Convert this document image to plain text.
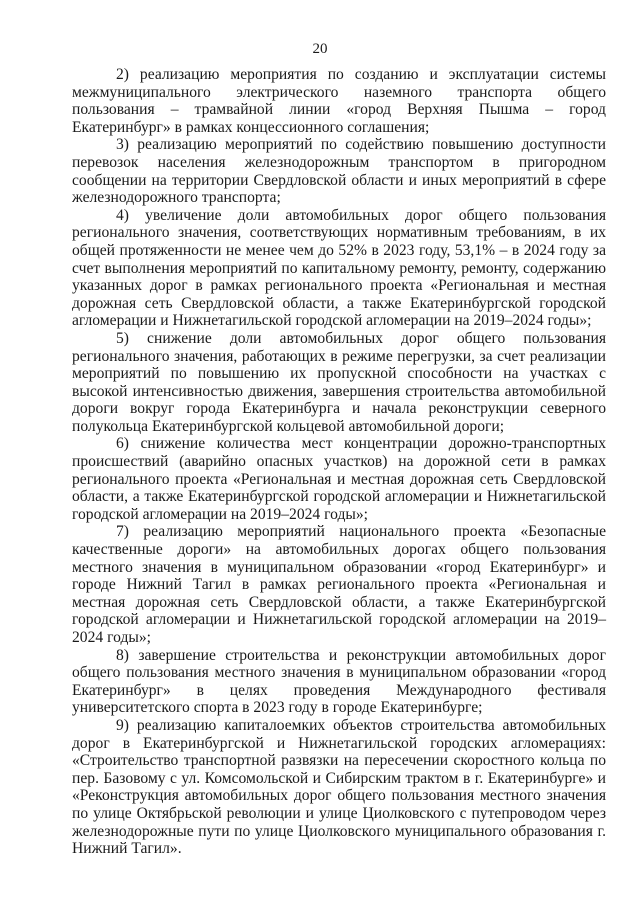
20

2) реализацию мероприятия по созданию и эксплуатации системы межмуниципального электрического наземного транспорта общего пользования – трамвайной линии «город Верхняя Пышма – город Екатеринбург» в рамках концессионного соглашения;

3) реализацию мероприятий по содействию повышению доступности перевозок населения железнодорожным транспортом в пригородном сообщении на территории Свердловской области и иных мероприятий в сфере железнодорожного транспорта;

4) увеличение доли автомобильных дорог общего пользования регионального значения, соответствующих нормативным требованиям, в их общей протяженности не менее чем до 52% в 2023 году, 53,1% – в 2024 году за счет выполнения мероприятий по капитальному ремонту, ремонту, содержанию указанных дорог в рамках регионального проекта «Региональная и местная дорожная сеть Свердловской области, а также Екатеринбургской городской агломерации и Нижнетагильской городской агломерации на 2019–2024 годы»;

5) снижение доли автомобильных дорог общего пользования регионального значения, работающих в режиме перегрузки, за счет реализации мероприятий по повышению их пропускной способности на участках с высокой интенсивностью движения, завершения строительства автомобильной дороги вокруг города Екатеринбурга и начала реконструкции северного полукольца Екатеринбургской кольцевой автомобильной дороги;

6) снижение количества мест концентрации дорожно-транспортных происшествий (аварийно опасных участков) на дорожной сети в рамках регионального проекта «Региональная и местная дорожная сеть Свердловской области, а также Екатеринбургской городской агломерации и Нижнетагильской городской агломерации на 2019–2024 годы»;

7) реализацию мероприятий национального проекта «Безопасные качественные дороги» на автомобильных дорогах общего пользования местного значения в муниципальном образовании «город Екатеринбург» и городе Нижний Тагил в рамках регионального проекта «Региональная и местная дорожная сеть Свердловской области, а также Екатеринбургской городской агломерации и Нижнетагильской городской агломерации на 2019–2024 годы»;

8) завершение строительства и реконструкции автомобильных дорог общего пользования местного значения в муниципальном образовании «город Екатеринбург» в целях проведения Международного фестиваля университетского спорта в 2023 году в городе Екатеринбурге;

9) реализацию капиталоемких объектов строительства автомобильных дорог в Екатеринбургской и Нижнетагильской городских агломерациях: «Строительство транспортной развязки на пересечении скоростного кольца по пер. Базовому с ул. Комсомольской и Сибирским трактом в г. Екатеринбурге» и «Реконструкция автомобильных дорог общего пользования местного значения по улице Октябрьской революции и улице Циолковского с путепроводом через железнодорожные пути по улице Циолковского муниципального образования г. Нижний Тагил».
